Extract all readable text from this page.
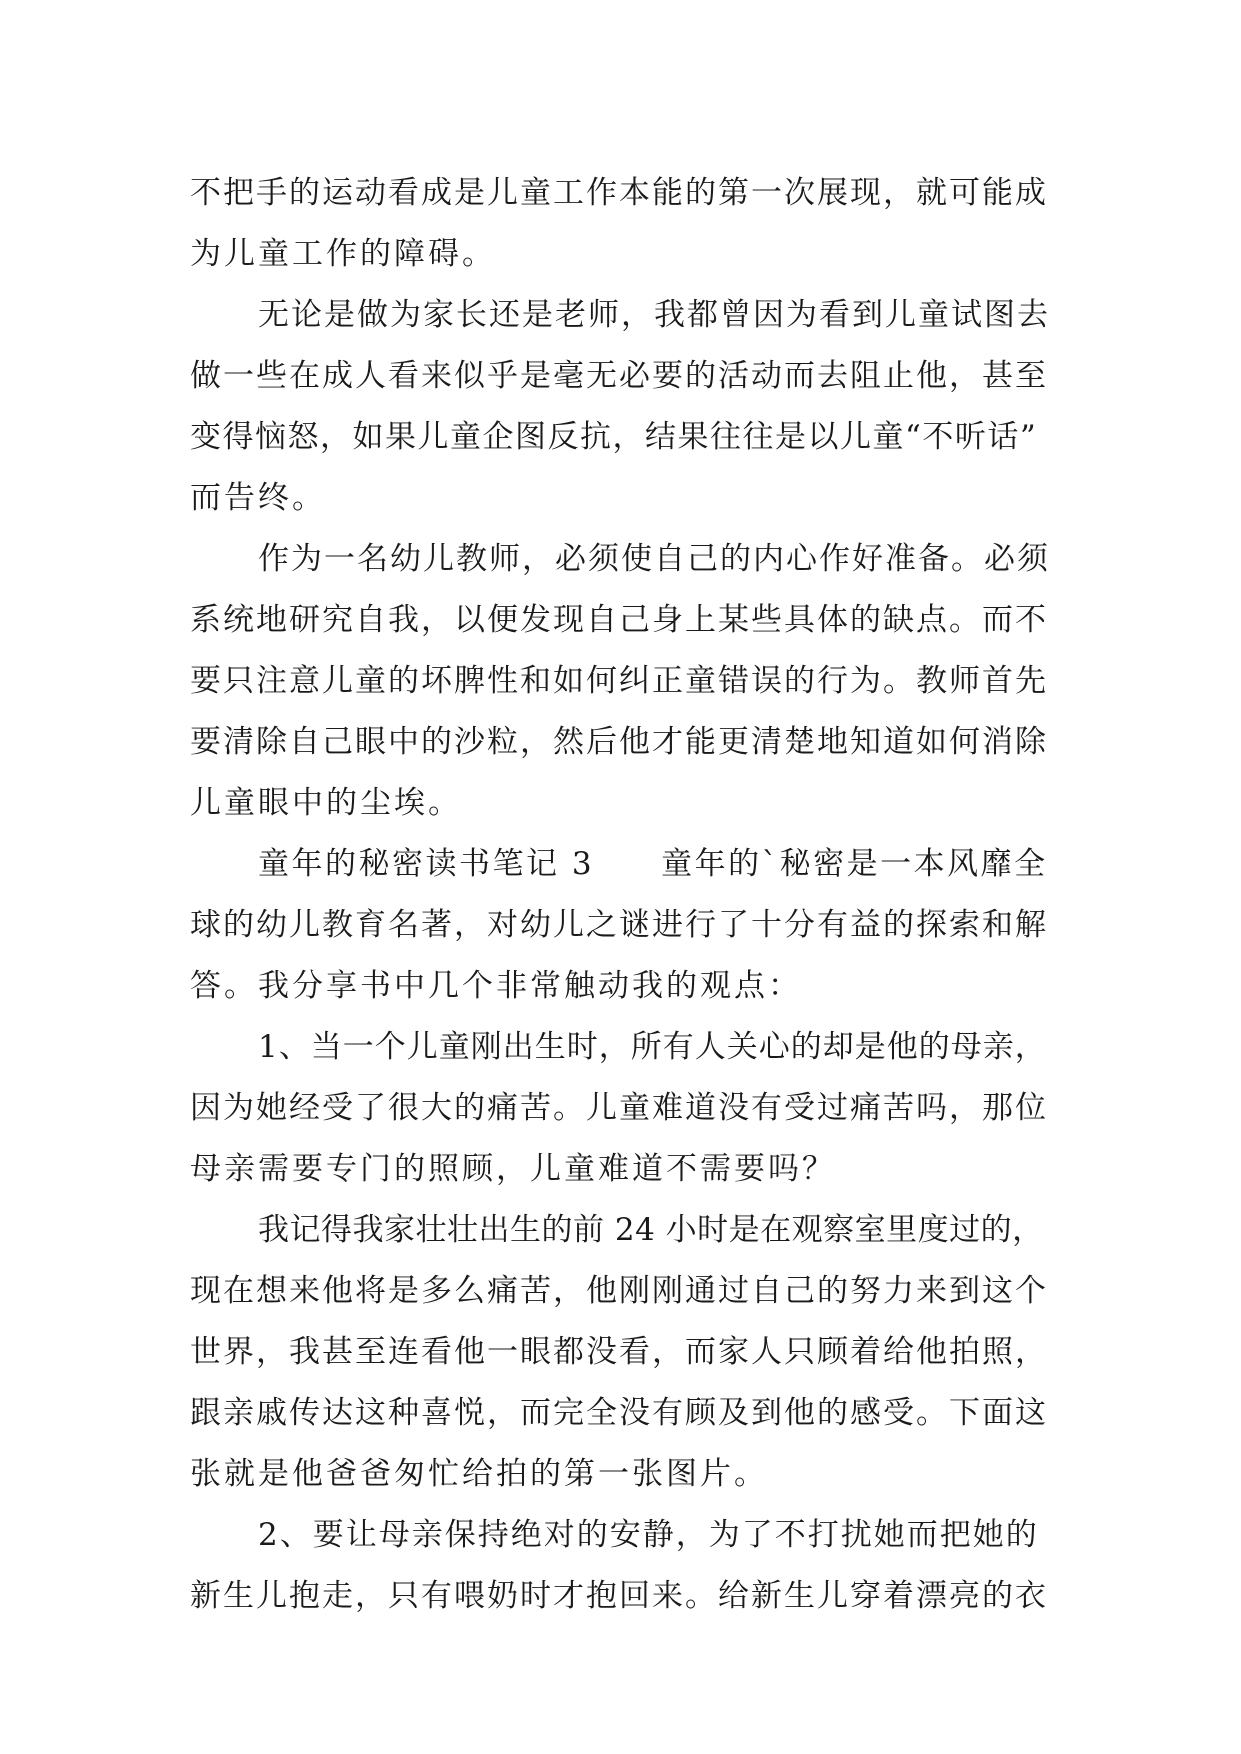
不把手的运动看成是儿童工作本能的第一次展现，就可能成
为儿童工作的障碍。

无论是做为家长还是老师，我都曾因为看到儿童试图去
做一些在成人看来似乎是毫无必要的活动而去阻止他，甚至
变得恼怒，如果儿童企图反抗，结果往往是以儿童“不听话”
而告终。

作为一名幼儿教师，必须使自己的内心作好准备。必须
系统地研究自我，以便发现自己身上某些具体的缺点。而不
要只注意儿童的坏脾性和如何纠正童错误的行为。教师首先
要清除自己眼中的沙粒，然后他才能更清楚地知道如何消除
儿童眼中的尘埃。

童年的秘密读书笔记 3　　童年的`秘密是一本风靡全
球的幼儿教育名著，对幼儿之谜进行了十分有益的探索和解
答。我分享书中几个非常触动我的观点：

1、当一个儿童刚出生时，所有人关心的却是他的母亲，
因为她经受了很大的痛苦。儿童难道没有受过痛苦吗，那位
母亲需要专门的照顾，儿童难道不需要吗？

我记得我家壮壮出生的前 24 小时是在观察室里度过的，
现在想来他将是多么痛苦，他刚刚通过自己的努力来到这个
世界，我甚至连看他一眼都没看，而家人只顾着给他拍照，
跟亲戚传达这种喜悦，而完全没有顾及到他的感受。下面这
张就是他爸爸匆忙给拍的第一张图片。

2、要让母亲保持绝对的安静，为了不打扰她而把她的
新生儿抱走，只有喂奶时才抱回来。给新生儿穿着漂亮的衣
